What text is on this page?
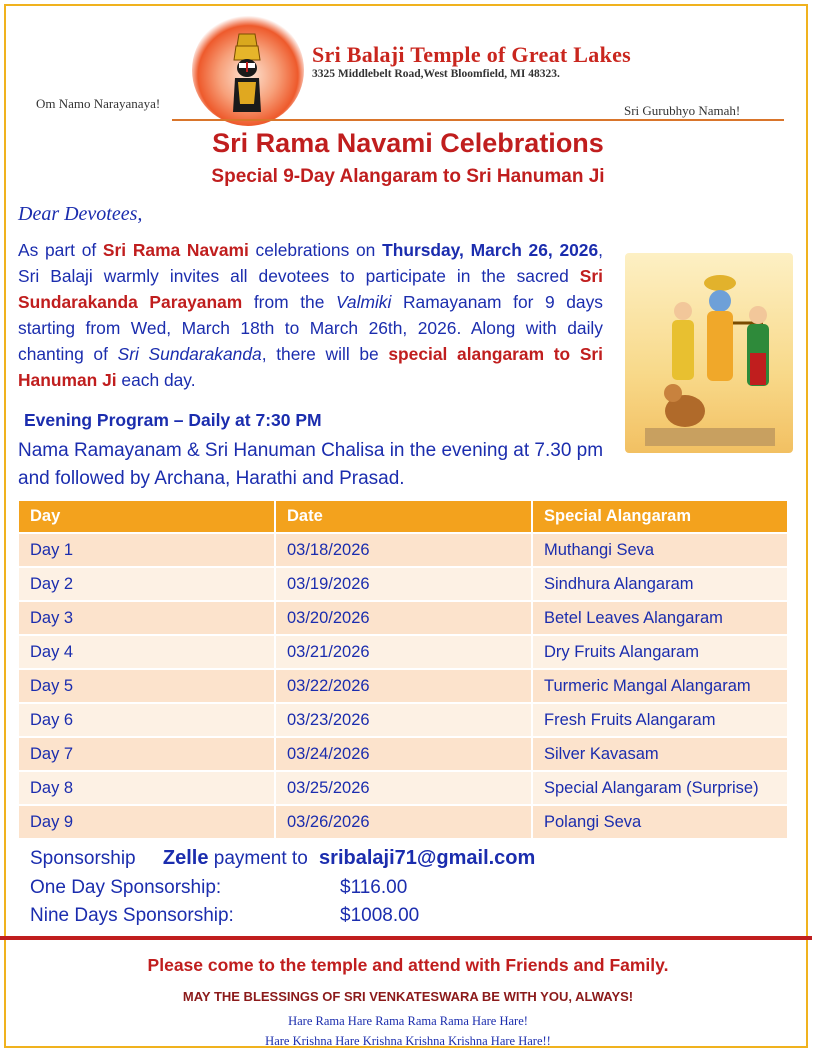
Sri Balaji Temple of Great Lakes
3325 Middlebelt Road,West Bloomfield, MI 48323.
Om Namo Narayanaya!	Sri Gurubhyo Namah!
Sri Rama Navami Celebrations
Special 9-Day Alangaram to Sri Hanuman Ji
Dear Devotees,
As part of Sri Rama Navami celebrations on Thursday, March 26, 2026, Sri Balaji warmly invites all devotees to participate in the sacred Sri Sundarakanda Parayanam from the Valmiki Ramayanam for 9 days starting from Wed, March 18th to March 26th, 2026. Along with daily chanting of Sri Sundarakanda, there will be special alangaram to Sri Hanuman Ji each day.
Evening Program – Daily at 7:30 PM
Nama Ramayanam & Sri Hanuman Chalisa in the evening at 7.30 pm and followed by Archana, Harathi and Prasad.
Day	Date	Special Alangaram
Day 1	03/18/2026	Muthangi Seva
Day 2	03/19/2026	Sindhura Alangaram
Day 3	03/20/2026	Betel Leaves Alangaram
Day 4	03/21/2026	Dry Fruits Alangaram
Day 5	03/22/2026	Turmeric Mangal Alangaram
Day 6	03/23/2026	Fresh Fruits Alangaram
Day 7	03/24/2026	Silver Kavasam
Day 8	03/25/2026	Special Alangaram (Surprise)
Day 9	03/26/2026	Polangi Seva
Sponsorship Zelle payment to sribalaji71@gmail.com
One Day Sponsorship:	$116.00
Nine Days Sponsorship:	$1008.00
Please come to the temple and attend with Friends and Family.
MAY THE BLESSINGS OF SRI VENKATESWARA BE WITH YOU, ALWAYS!
Hare Rama Hare Rama Rama Rama Hare Hare!
Hare Krishna Hare Krishna Krishna Krishna Hare Hare!!
